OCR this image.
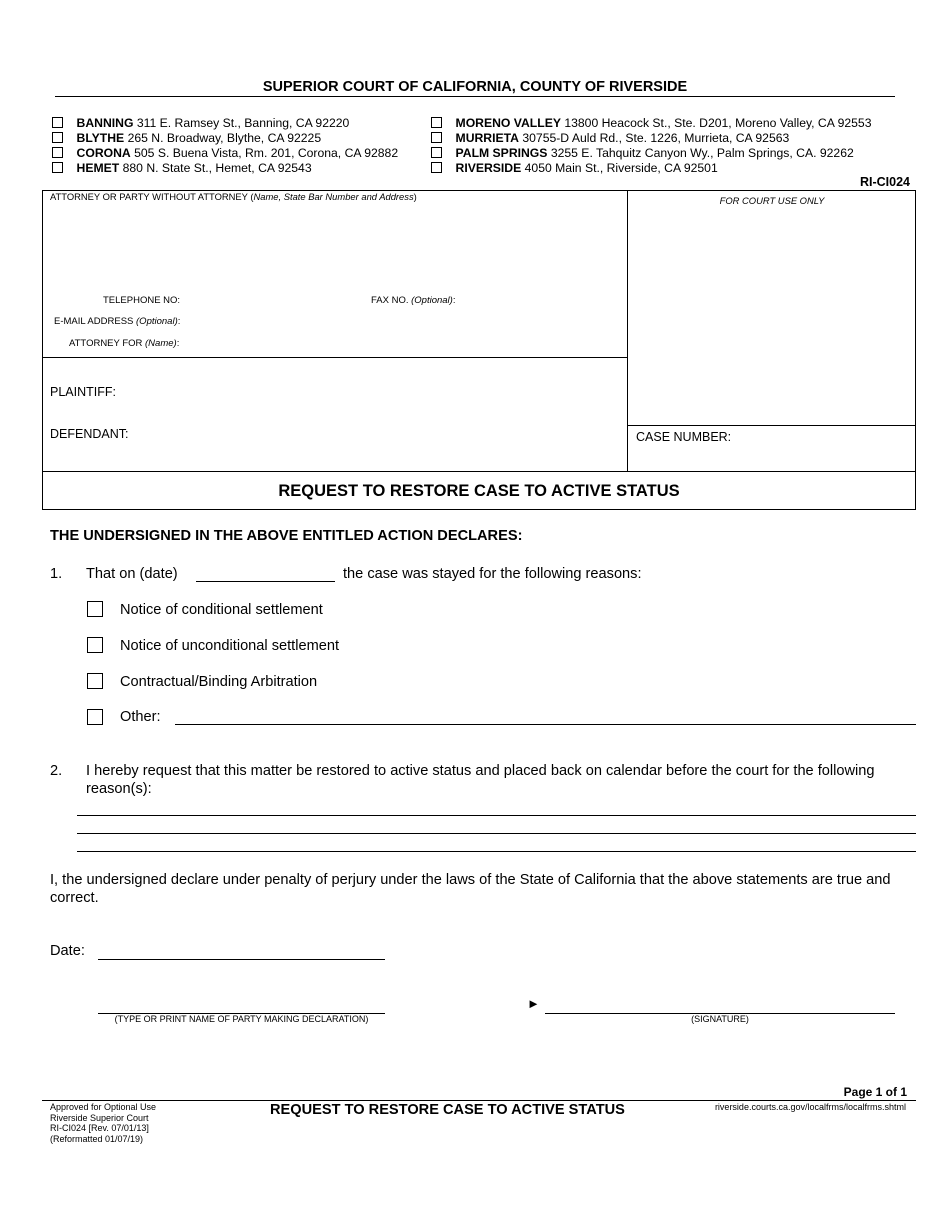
SUPERIOR COURT OF CALIFORNIA, COUNTY OF RIVERSIDE
BANNING 311 E. Ramsey St., Banning, CA 92220
BLYTHE 265 N. Broadway, Blythe, CA 92225
CORONA 505 S. Buena Vista, Rm. 201, Corona, CA 92882
HEMET 880 N. State St., Hemet, CA 92543
MORENO VALLEY 13800 Heacock St., Ste. D201, Moreno Valley, CA 92553
MURRIETA 30755-D Auld Rd., Ste. 1226, Murrieta, CA 92563
PALM SPRINGS 3255 E. Tahquitz Canyon Wy., Palm Springs, CA. 92262
RIVERSIDE 4050 Main St., Riverside, CA 92501
RI-CI024
ATTORNEY OR PARTY WITHOUT ATTORNEY (Name, State Bar Number and Address)	FOR COURT USE ONLY
TELEPHONE NO:	FAX NO. (Optional):
E-MAIL ADDRESS (Optional):
ATTORNEY FOR (Name):
PLAINTIFF:
DEFENDANT:	CASE NUMBER:
REQUEST TO RESTORE CASE TO ACTIVE STATUS
THE UNDERSIGNED IN THE ABOVE ENTITLED ACTION DECLARES:
1. That on (date)	the case was stayed for the following reasons:
Notice of conditional settlement
Notice of unconditional settlement
Contractual/Binding Arbitration
Other:
2. I hereby request that this matter be restored to active status and placed back on calendar before the court for the following reason(s):
I, the undersigned declare under penalty of perjury under the laws of the State of California that the above statements are true and correct.
Date:
(TYPE OR PRINT NAME OF PARTY MAKING DECLARATION)
►
(SIGNATURE)
Page 1 of 1
Approved for Optional Use
Riverside Superior Court
RI-CI024 [Rev. 07/01/13]
(Reformatted 01/07/19)
REQUEST TO RESTORE CASE TO ACTIVE STATUS	riverside.courts.ca.gov/localfrms/localfrms.shtml
